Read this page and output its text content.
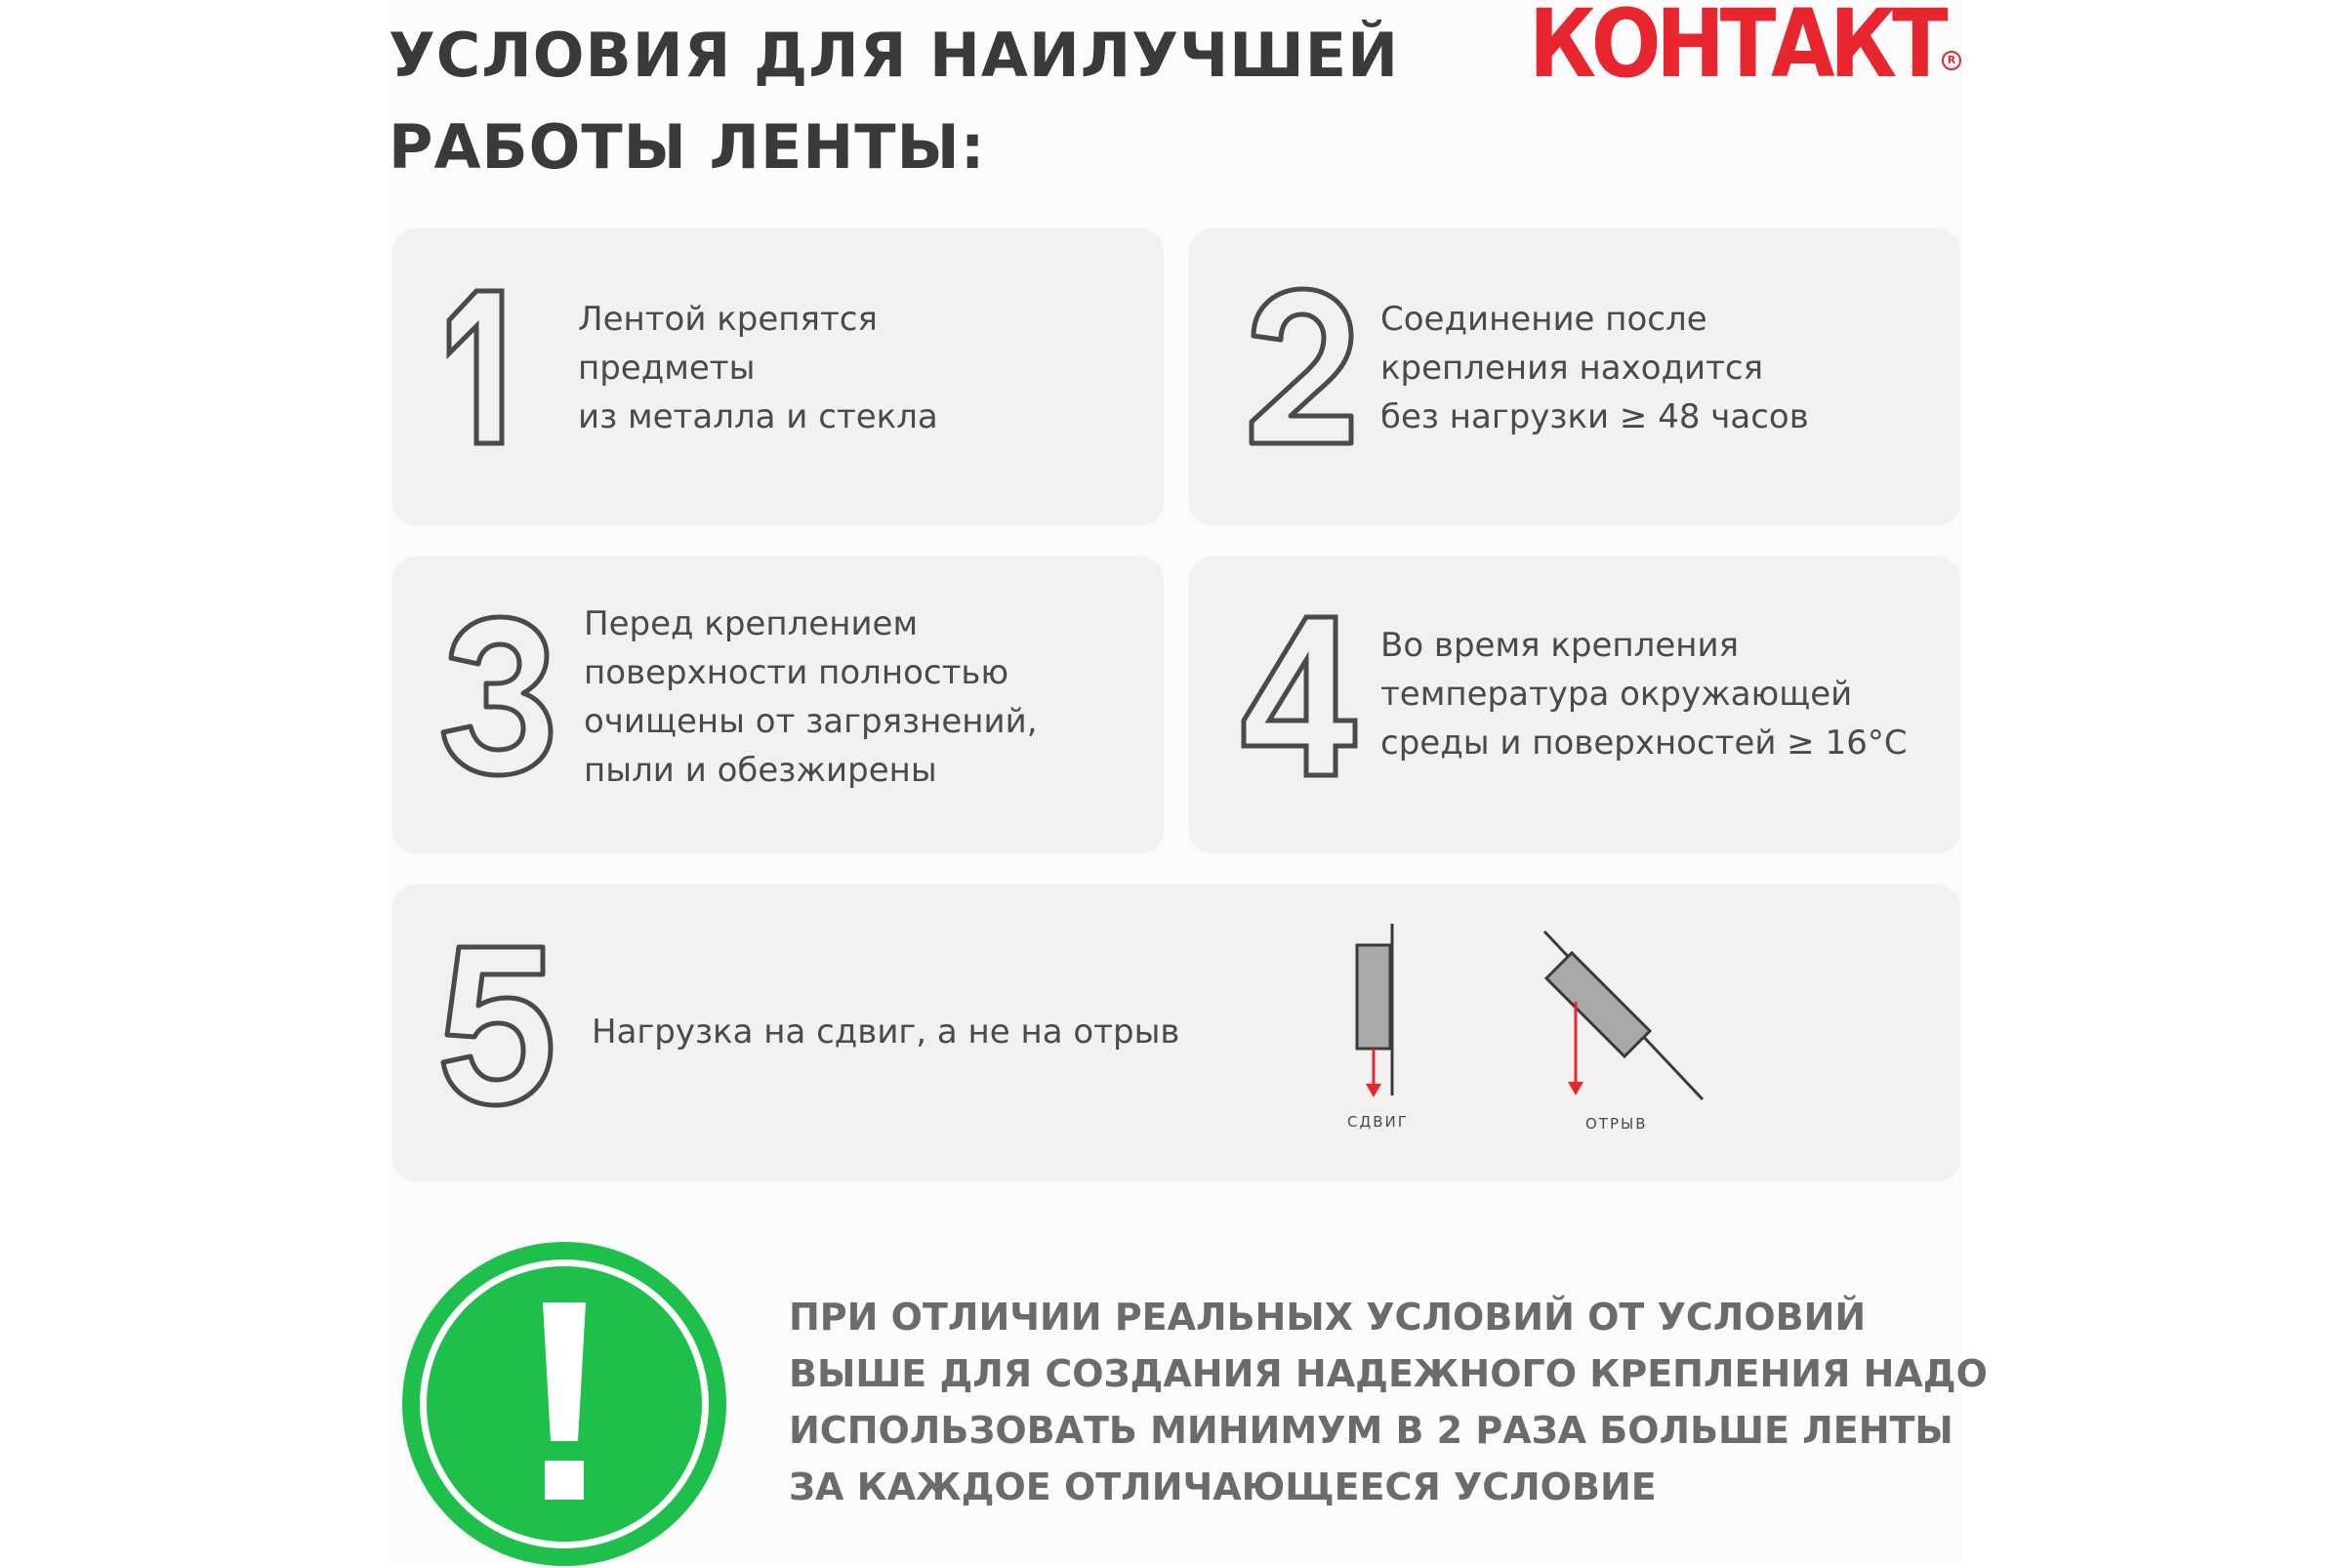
УСЛОВИЯ ДЛЯ НАИЛУЧШЕЙ
РАБОТЫ ЛЕНТЫ:
КОНТАКТ R
1

Лентой крепятся
предметы
из металла и стекла

2

Соединение после
крепления находится
без нагрузки ≥ 48 часов

3	Перед креплением
поверхности полностью
очищены от загрязнений,
пыли и обезжирены

4

Во время крепления
температура окружающей
среды и поверхностей ≥ 16°C

5

Нагрузка на сдвиг, а не на отрыв

СДВИГ	ОТРЫВ

ПРИ ОТЛИЧИИ РЕАЛЬНЫХ УСЛОВИЙ ОТ УСЛОВИЙ
ВЫШЕ ДЛЯ СОЗДАНИЯ НАДЕЖНОГО КРЕПЛЕНИЯ НАДО
ИСПОЛЬЗОВАТЬ МИНИМУМ В 2 РАЗА БОЛЬШЕ ЛЕНТЫ
ЗА КАЖДОЕ ОТЛИЧАЮЩЕЕСЯ УСЛОВИЕ
